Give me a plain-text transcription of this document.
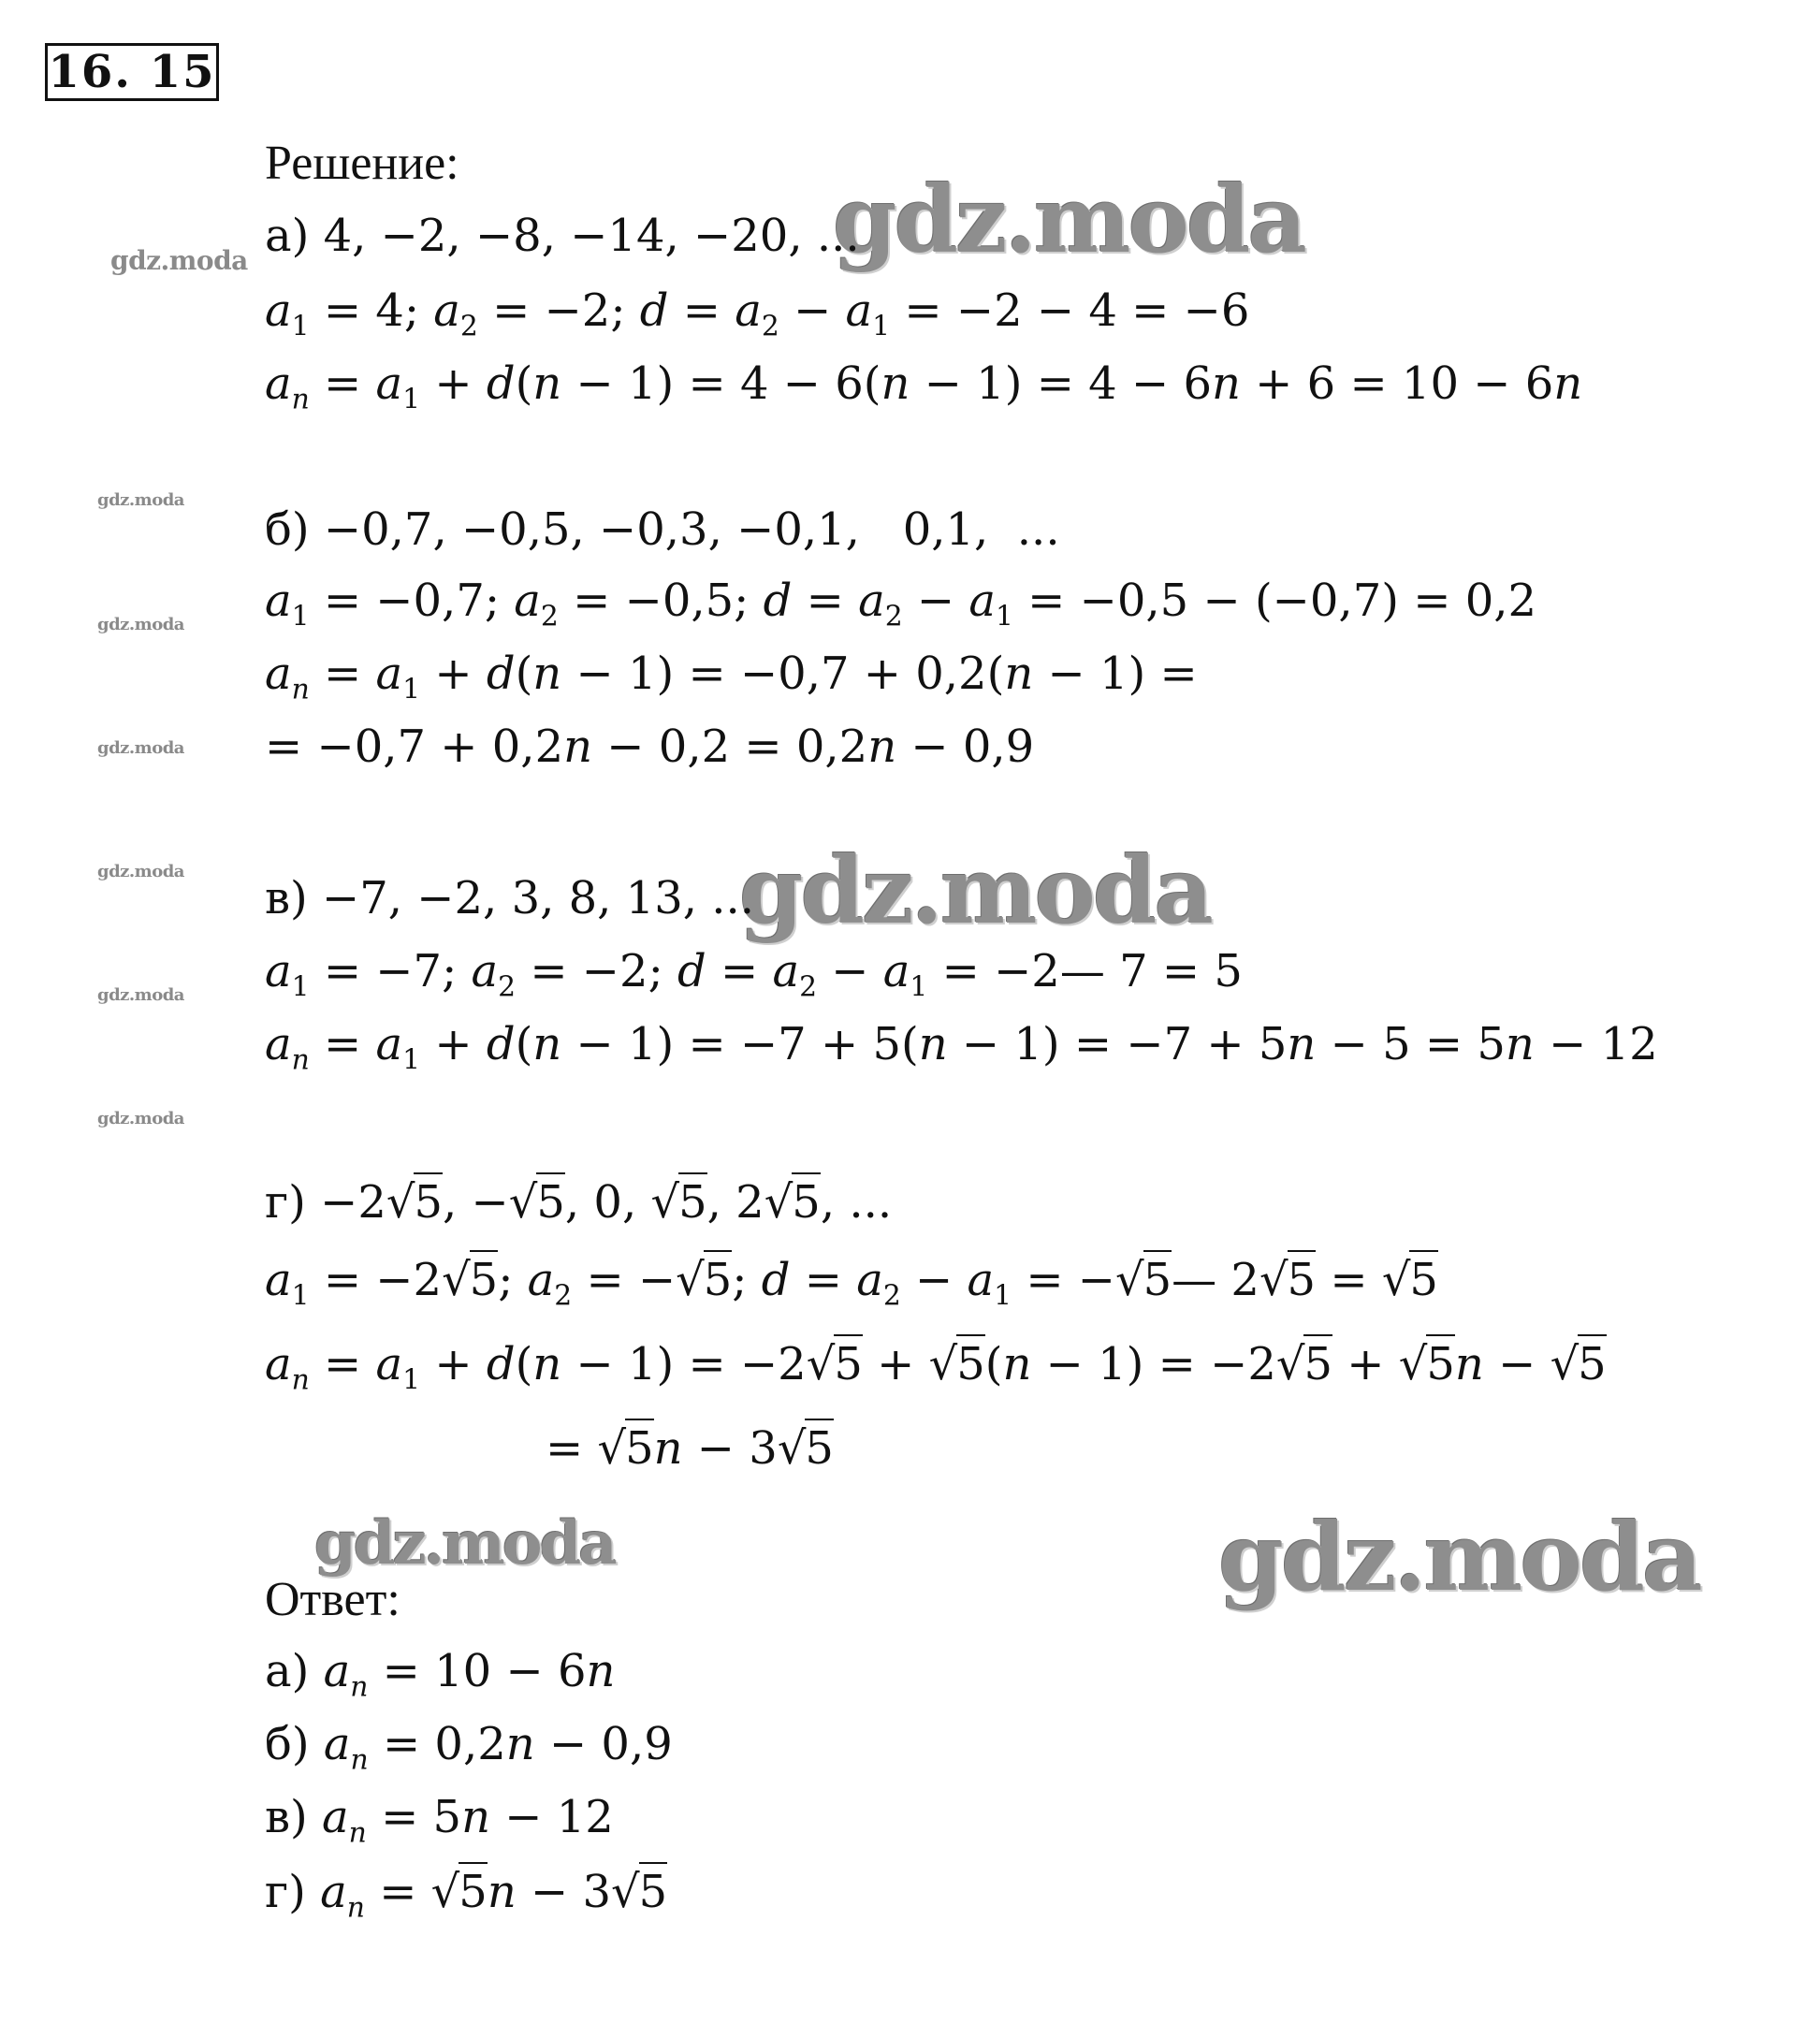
16. 15
gdz.moda
gdz.moda
gdz.moda
gdz.moda
gdz.moda
gdz.moda
gdz.moda
gdz.moda
gdz.moda
gdz.moda	gdz.moda
Решение:
а) 4, −2, −8, −14, −20, ...
$a_1 = 4$; $a_2 = -2$; $d = a_2 - a_1 = -2 - 4 = -6$
$a_n = a_1 + d(n - 1) = 4 - 6(n - 1) = 4 - 6n + 6 = 10 - 6n$
б) −0,7, −0,5, −0,3, −0,1,   0,1,  ...
$a_1 = -0,7$; $a_2 = -0,5$; $d = a_2 - a_1 = -0,5 - (-0,7) = 0,2$
$a_n = a_1 + d(n - 1) = -0,7 + 0,2(n - 1)$ =
= −0,7 + 0,2n − 0,2 = 0,2n − 0,9
в) −7, −2, 3, 8, 13, ...
$a_1 = -7$; $a_2 = -2$; $d = a_2 - a_1$ = −2— 7 = 5
$a_n = a_1 + d(n - 1) = -7 + 5(n - 1) = -7 + 5n - 5 = 5n - 12$
г) −2√5, −√5, 0, √5, 2√5, ...
$a_1 = -2√5$; $a_2 = -√5$; $d = a_2 - a_1$ = −√5— 2√5 = √5
$a_n = a_1 + d(n - 1) = -2√5 + √5(n - 1) = -2√5 + √5n - √5$
= √5n − 3√5
Ответ:
а) $a_n = 10 - 6n$
б) $a_n = 0,2n - 0,9$
в) $a_n = 5n - 12$
г) $a_n = √5n - 3√5$
